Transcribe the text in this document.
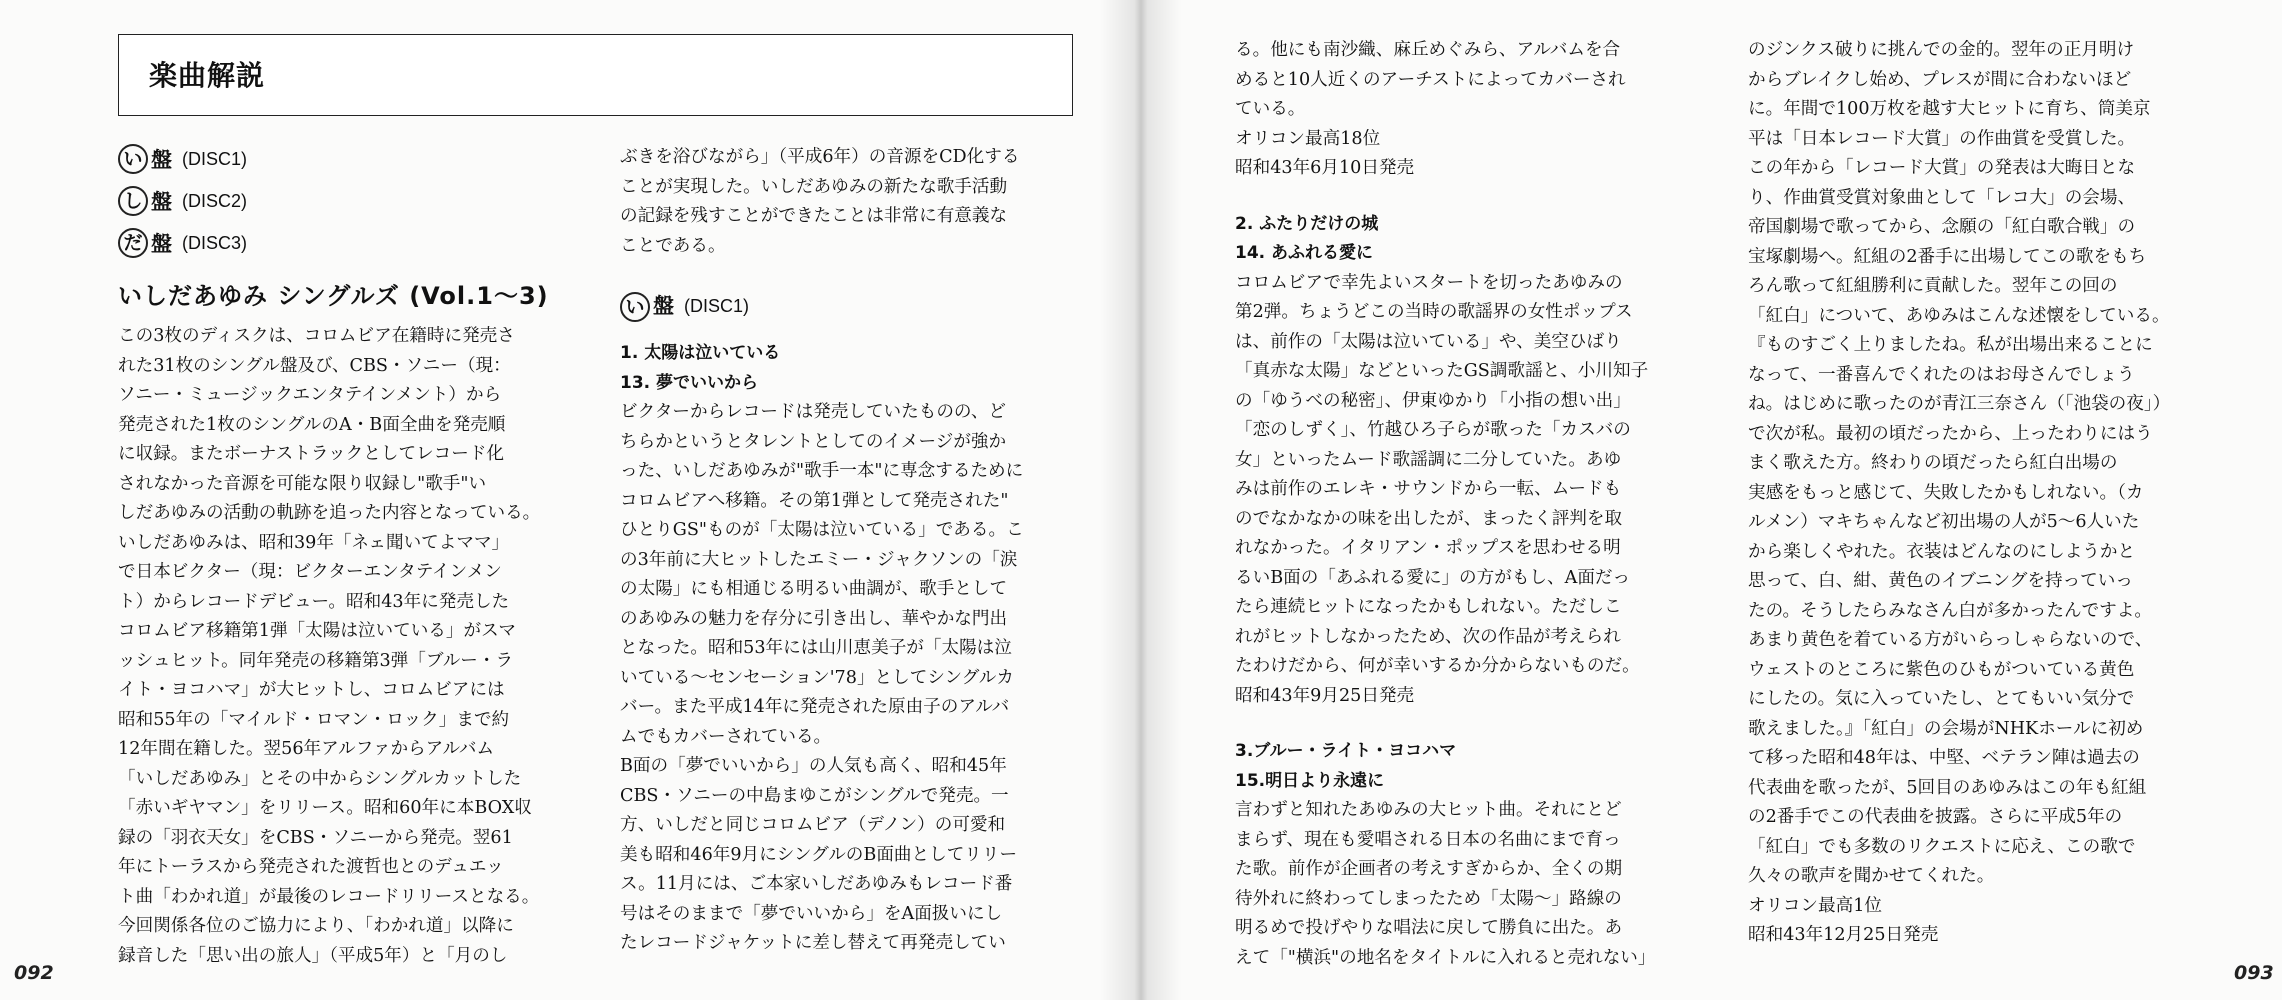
楽曲解説
い 盤 (DISC1)
し 盤 (DISC2)
だ 盤 (DISC3)
いしだあゆみ シングルズ (Vol.1〜3)
この3枚のディスクは、コロムビア在籍時に発売さ
れた31枚のシングル盤及び、CBS・ソニー（現：
ソニー・ミュージックエンタテインメント）から
発売された1枚のシングルのA・B面全曲を発売順
に収録。またボーナストラックとしてレコード化
されなかった音源を可能な限り収録し"歌手"い
しだあゆみの活動の軌跡を追った内容となっている。
いしだあゆみは、昭和39年「ネェ聞いてよママ」
で日本ビクター（現：ビクターエンタテインメン
ト）からレコードデビュー。昭和43年に発売した
コロムビア移籍第1弾「太陽は泣いている」がスマ
ッシュヒット。同年発売の移籍第3弾「ブルー・ラ
イト・ヨコハマ」が大ヒットし、コロムビアには
昭和55年の「マイルド・ロマン・ロック」まで約
12年間在籍した。翌56年アルファからアルバム
「いしだあゆみ」とその中からシングルカットした
「赤いギヤマン」をリリース。昭和60年に本BOX収
録の「羽衣天女」をCBS・ソニーから発売。翌61
年にトーラスから発売された渡哲也とのデュエッ
ト曲「わかれ道」が最後のレコードリリースとなる。
今回関係各位のご協力により、「わかれ道」以降に
録音した「思い出の旅人」（平成5年）と「月のし
ぶきを浴びながら」（平成6年）の音源をCD化する
ことが実現した。いしだあゆみの新たな歌手活動
の記録を残すことができたことは非常に有意義な
ことである。
い 盤 (DISC1)
1. 太陽は泣いている
13. 夢でいいから
ビクターからレコードは発売していたものの、ど
ちらかというとタレントとしてのイメージが強か
った、いしだあゆみが"歌手一本"に専念するために
コロムビアへ移籍。その第1弾として発売された"
ひとりGS"ものが「太陽は泣いている」である。こ
の3年前に大ヒットしたエミー・ジャクソンの「涙
の太陽」にも相通じる明るい曲調が、歌手として
のあゆみの魅力を存分に引き出し、華やかな門出
となった。昭和53年には山川恵美子が「太陽は泣
いている〜センセーション'78」としてシングルカ
バー。また平成14年に発売された原由子のアルバ
ムでもカバーされている。
B面の「夢でいいから」の人気も高く、昭和45年
CBS・ソニーの中島まゆこがシングルで発売。一
方、いしだと同じコロムビア（デノン）の可愛和
美も昭和46年9月にシングルのB面曲としてリリー
ス。11月には、ご本家いしだあゆみもレコード番
号はそのままで「夢でいいから」をA面扱いにし
たレコードジャケットに差し替えて再発売してい
092
る。他にも南沙織、麻丘めぐみら、アルバムを合
めると10人近くのアーチストによってカバーされ
ている。
オリコン最高18位
昭和43年6月10日発売
2. ふたりだけの城
14. あふれる愛に
コロムビアで幸先よいスタートを切ったあゆみの
第2弾。ちょうどこの当時の歌謡界の女性ポップス
は、前作の「太陽は泣いている」や、美空ひばり
「真赤な太陽」などといったGS調歌謡と、小川知子
の「ゆうべの秘密」、伊東ゆかり「小指の想い出」
「恋のしずく」、竹越ひろ子らが歌った「カスバの
女」といったムード歌謡調に二分していた。あゆ
みは前作のエレキ・サウンドから一転、ムードも
のでなかなかの味を出したが、まったく評判を取
れなかった。イタリアン・ポップスを思わせる明
るいB面の「あふれる愛に」の方がもし、A面だっ
たら連続ヒットになったかもしれない。ただしこ
れがヒットしなかったため、次の作品が考えられ
たわけだから、何が幸いするか分からないものだ。
昭和43年9月25日発売
3.ブルー・ライト・ヨコハマ
15.明日より永遠に
言わずと知れたあゆみの大ヒット曲。それにとど
まらず、現在も愛唱される日本の名曲にまで育っ
た歌。前作が企画者の考えすぎからか、全くの期
待外れに終わってしまったため「太陽〜」路線の
明るめで投げやりな唱法に戻して勝負に出た。あ
えて「"横浜"の地名をタイトルに入れると売れない」
のジンクス破りに挑んでの金的。翌年の正月明け
からブレイクし始め、プレスが間に合わないほど
に。年間で100万枚を越す大ヒットに育ち、筒美京
平は「日本レコード大賞」の作曲賞を受賞した。
この年から「レコード大賞」の発表は大晦日とな
り、作曲賞受賞対象曲として「レコ大」の会場、
帝国劇場で歌ってから、念願の「紅白歌合戦」の
宝塚劇場へ。紅組の2番手に出場してこの歌をもち
ろん歌って紅組勝利に貢献した。翌年この回の
「紅白」について、あゆみはこんな述懐をしている。
『ものすごく上りましたね。私が出場出来ることに
なって、一番喜んでくれたのはお母さんでしょう
ね。はじめに歌ったのが青江三奈さん（「池袋の夜」）
で次が私。最初の頃だったから、上ったわりにはう
まく歌えた方。終わりの頃だったら紅白出場の
実感をもっと感じて、失敗したかもしれない。（カ
ルメン）マキちゃんなど初出場の人が5〜6人いた
から楽しくやれた。衣装はどんなのにしようかと
思って、白、紺、黄色のイブニングを持っていっ
たの。そうしたらみなさん白が多かったんですよ。
あまり黄色を着ている方がいらっしゃらないので、
ウェストのところに紫色のひもがついている黄色
にしたの。気に入っていたし、とてもいい気分で
歌えました。』「紅白」の会場がNHKホールに初め
て移った昭和48年は、中堅、ベテラン陣は過去の
代表曲を歌ったが、5回目のあゆみはこの年も紅組
の2番手でこの代表曲を披露。さらに平成5年の
「紅白」でも多数のリクエストに応え、この歌で
久々の歌声を聞かせてくれた。
オリコン最高1位
昭和43年12月25日発売
093
